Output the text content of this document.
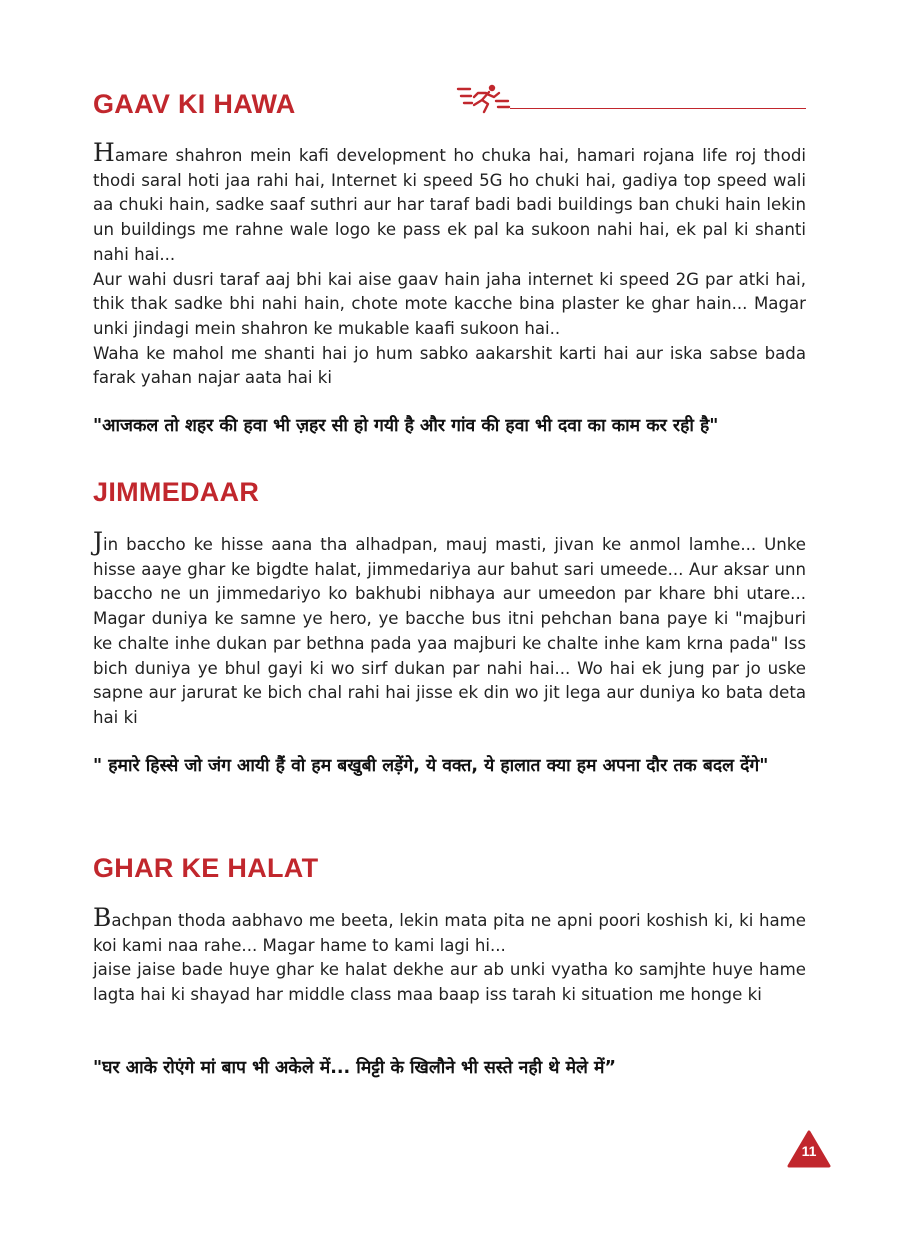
GAAV KI HAWA

Hamare shahron mein kafi development ho chuka hai, hamari rojana life roj thodi thodi saral hoti jaa rahi hai, Internet ki speed 5G ho chuki hai, gadiya top speed wali aa chuki hain, sadke saaf suthri aur har taraf badi badi buildings ban chuki hain lekin un buildings me rahne wale logo ke pass ek pal ka sukoon nahi hai, ek pal ki shanti nahi hai...

Aur wahi dusri taraf aaj bhi kai aise gaav hain jaha internet ki speed 2G par atki hai, thik thak sadke bhi nahi hain, chote mote kacche bina plaster ke ghar hain... Magar unki jindagi mein shahron ke mukable kaafi sukoon hai..

Waha ke mahol me shanti hai jo hum sabko aakarshit karti hai aur iska sabse bada farak yahan najar aata hai ki

"आजकल तो शहर की हवा भी ज़हर सी हो गयी है और गांव की हवा भी दवा का काम कर रही है"

JIMMEDAAR

Jin baccho ke hisse aana tha alhadpan, mauj masti, jivan ke anmol lamhe... Unke hisse aaye ghar ke bigdte halat, jimmedariya aur bahut sari umeede... Aur aksar unn baccho ne un jimmedariyo ko bakhubi nibhaya aur umeedon par khare bhi utare... Magar duniya ke samne ye hero, ye bacche bus itni pehchan bana paye ki "majburi ke chalte inhe dukan par bethna pada yaa majburi ke chalte inhe kam krna pada" Iss bich duniya ye bhul gayi ki wo sirf dukan par nahi hai... Wo hai ek jung par jo uske sapne aur jarurat ke bich chal rahi hai jisse ek din wo jit lega aur duniya ko bata deta hai ki

" हमारे हिस्से जो जंग आयी हैं वो हम बखुबी लड़ेंगे, ये वक्त, ये हालात क्या हम अपना दौर तक बदल देंगे"

GHAR KE HALAT

Bachpan thoda aabhavo me beeta, lekin mata pita ne apni poori koshish ki, ki hame koi kami naa rahe... Magar hame to kami lagi hi...

jaise jaise bade huye ghar ke halat dekhe aur ab unki vyatha ko samjhte huye hame lagta hai ki shayad har middle class maa baap iss tarah ki situation me honge ki

"घर आके रोएंगे मां बाप भी अकेले में... मिट्टी के खिलौने भी सस्ते नही थे मेले में”

11
